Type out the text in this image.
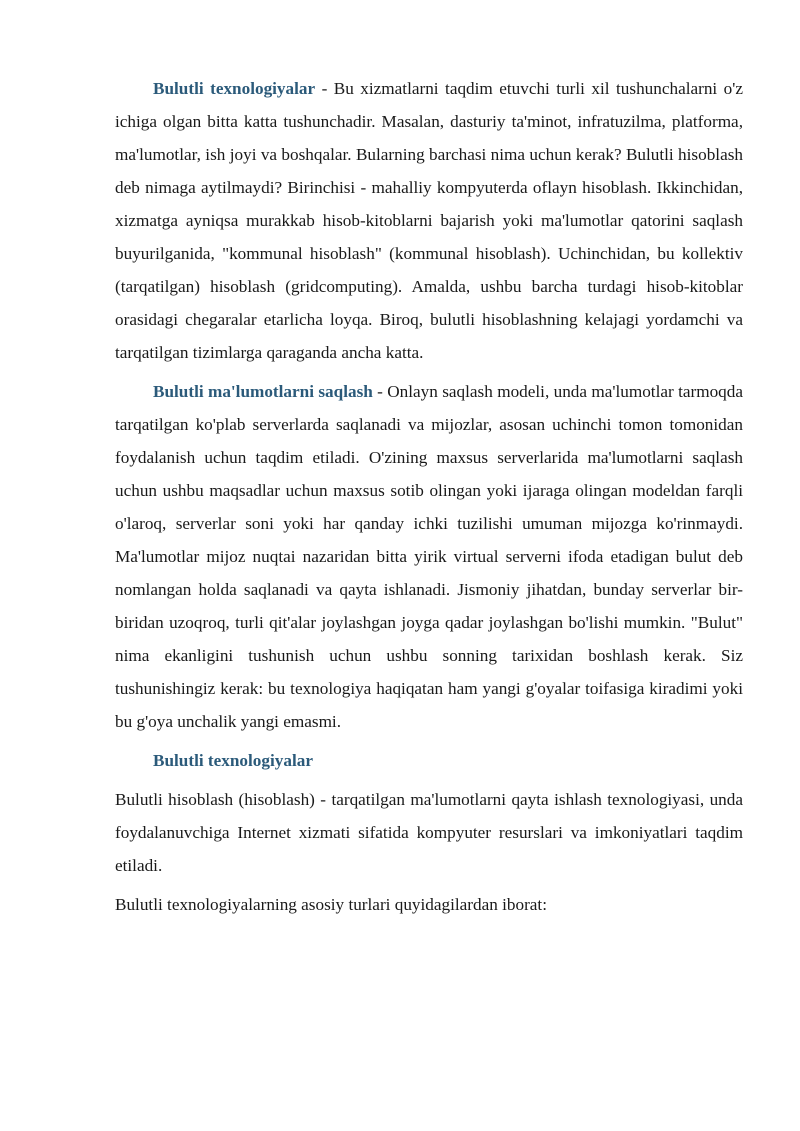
Bulutli texnologiyalar - Bu xizmatlarni taqdim etuvchi turli xil tushunchalarni o'z ichiga olgan bitta katta tushunchadir. Masalan, dasturiy ta'minot, infratuzilma, platforma, ma'lumotlar, ish joyi va boshqalar. Bularning barchasi nima uchun kerak? Bulutli hisoblash deb nimaga aytilmaydi? Birinchisi - mahalliy kompyuterda oflayn hisoblash. Ikkinchidan, xizmatga ayniqsa murakkab hisob-kitoblarni bajarish yoki ma'lumotlar qatorini saqlash buyurilganida, "kommunal hisoblash" (kommunal hisoblash). Uchinchidan, bu kollektiv (tarqatilgan) hisoblash (gridcomputing). Amalda, ushbu barcha turdagi hisob-kitoblar orasidagi chegaralar etarlicha loyqa. Biroq, bulutli hisoblashning kelajagi yordamchi va tarqatilgan tizimlarga qaraganda ancha katta.

Bulutli ma'lumotlarni saqlash - Onlayn saqlash modeli, unda ma'lumotlar tarmoqda tarqatilgan ko'plab serverlarda saqlanadi va mijozlar, asosan uchinchi tomon tomonidan foydalanish uchun taqdim etiladi. O'zining maxsus serverlarida ma'lumotlarni saqlash uchun ushbu maqsadlar uchun maxsus sotib olingan yoki ijaraga olingan modeldan farqli o'laroq, serverlar soni yoki har qanday ichki tuzilishi umuman mijozga ko'rinmaydi. Ma'lumotlar mijoz nuqtai nazaridan bitta yirik virtual serverni ifoda etadigan bulut deb nomlangan holda saqlanadi va qayta ishlanadi. Jismoniy jihatdan, bunday serverlar bir-biridan uzoqroq, turli qit'alar joylashgan joyga qadar joylashgan bo'lishi mumkin. "Bulut" nima ekanligini tushunish uchun ushbu sonning tarixidan boshlash kerak. Siz tushunishingiz kerak: bu texnologiya haqiqatan ham yangi g'oyalar toifasiga kiradimi yoki bu g'oya unchalik yangi emasmi.

Bulutli texnologiyalar

Bulutli hisoblash (hisoblash) - tarqatilgan ma'lumotlarni qayta ishlash texnologiyasi, unda foydalanuvchiga Internet xizmati sifatida kompyuter resurslari va imkoniyatlari taqdim etiladi.

Bulutli texnologiyalarning asosiy turlari quyidagilardan iborat:
